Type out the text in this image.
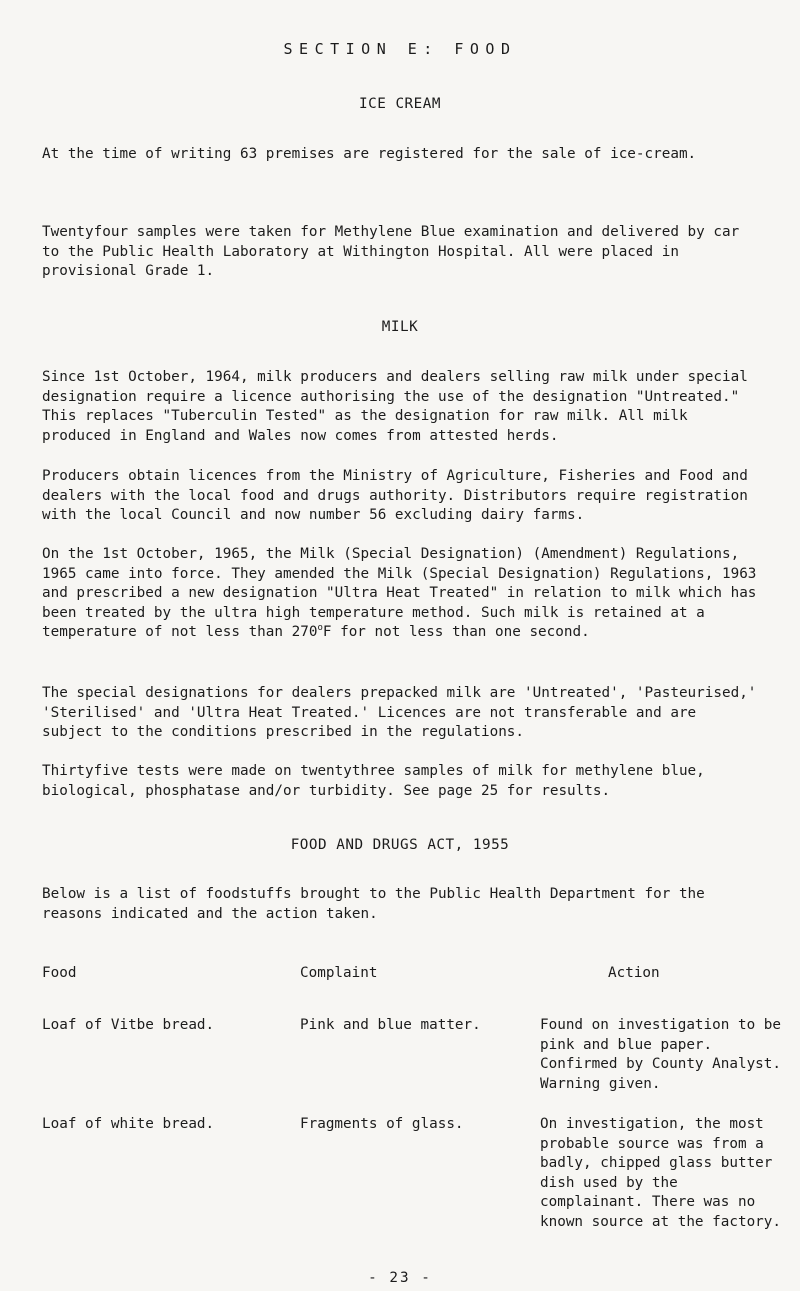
SECTION E: FOOD
ICE CREAM

At the time of writing 63 premises are registered for the sale of ice-cream.

Twentyfour samples were taken for Methylene Blue examination and delivered by car to the Public Health Laboratory at Withington Hospital. All were placed in provisional Grade 1.

MILK

Since 1st October, 1964, milk producers and dealers selling raw milk under special designation require a licence authorising the use of the designation "Untreated." This replaces "Tuberculin Tested" as the designation for raw milk. All milk produced in England and Wales now comes from attested herds.

Producers obtain licences from the Ministry of Agriculture, Fisheries and Food and dealers with the local food and drugs authority. Distributors require registration with the local Council and now number 56 excluding dairy farms.

On the 1st October, 1965, the Milk (Special Designation) (Amendment) Regulations, 1965 came into force. They amended the Milk (Special Designation) Regulations, 1963 and prescribed a new designation "Ultra Heat Treated" in relation to milk which has been treated by the ultra high temperature method. Such milk is retained at a temperature of not less than 270$^o$F for not less than one second.

The special designations for dealers prepacked milk are 'Untreated', 'Pasteurised,' 'Sterilised' and 'Ultra Heat Treated.' Licences are not transferable and are subject to the conditions prescribed in the regulations.

Thirtyfive tests were made on twentythree samples of milk for methylene blue, biological, phosphatase and/or turbidity. See page 25 for results.

FOOD AND DRUGS ACT, 1955

Below is a list of foodstuffs brought to the Public Health Department for the reasons indicated and the action taken.

Food	Complaint	Action
Loaf of Vitbe bread.	Pink and blue matter.	Found on investigation to be pink and blue paper. Confirmed by County Analyst. Warning given.
Loaf of white bread.	Fragments of glass.	On investigation, the most probable source was from a badly, chipped glass butter dish used by the complainant. There was no known source at the factory.
- 23 -
